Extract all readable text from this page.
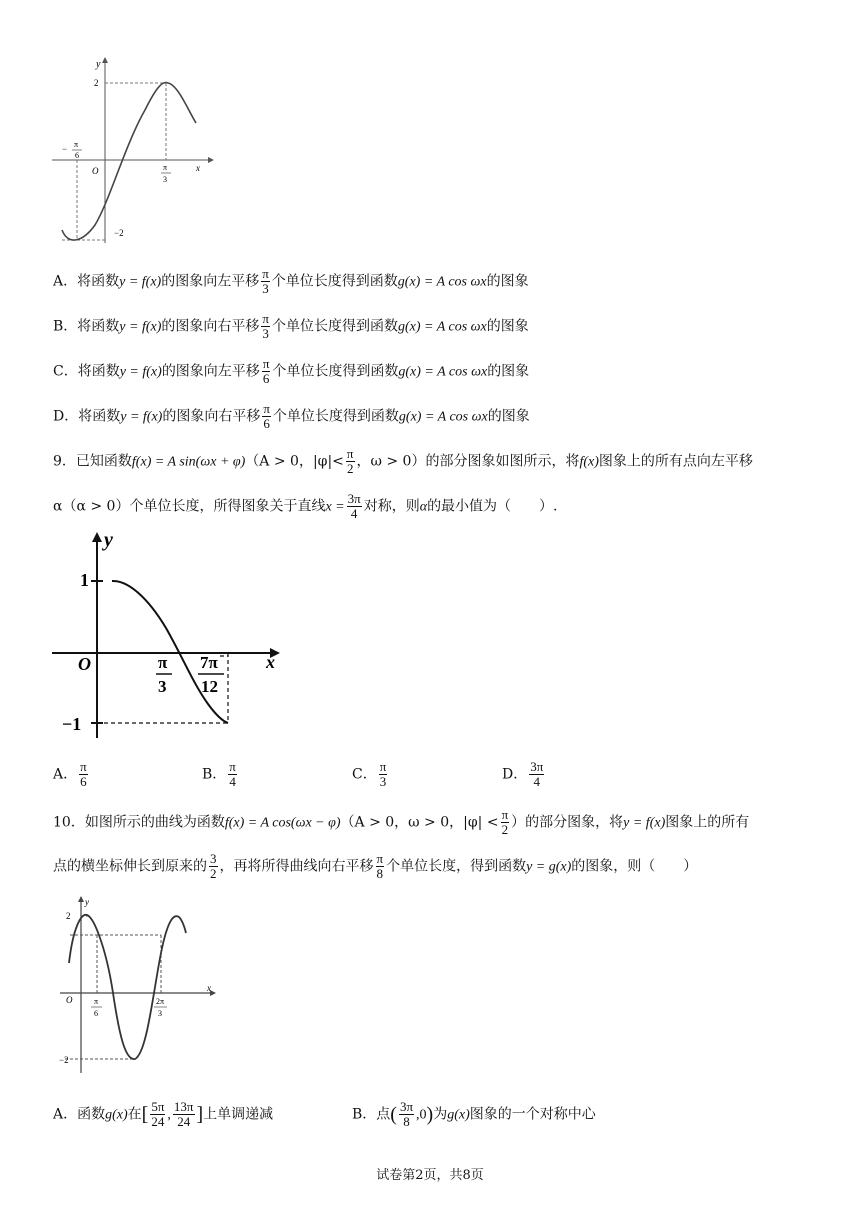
y
x
O
2
−2
− π
6
π
3
A．将函数y = f(x)的图象向左平移 $\frac{\pi}{3}$ 个单位长度得到函数g(x) = A cos ωx的图象
B．将函数y = f(x)的图象向右平移 $\frac{\pi}{3}$ 个单位长度得到函数g(x) = A cos ωx的图象
C．将函数y = f(x)的图象向左平移 $\frac{\pi}{6}$ 个单位长度得到函数g(x) = A cos ωx的图象
D．将函数y = f(x)的图象向右平移 $\frac{\pi}{6}$ 个单位长度得到函数g(x) = A cos ωx的图象
9．已知函数f(x) = A sin(ωx + φ)（A > 0，$|\varphi|< \frac{\pi}{2}$ ，ω > 0）的部分图象如图所示，将f(x)图象上的所有点向左平移
α（α > 0）个单位长度，所得图象关于直线$x = \frac{3\pi}{4}$ 对称，则α的最小值为（　　）.
y
x
O
1
−1
π
3
7π
12
A． $\frac{\pi}{6}$	B． $\frac{\pi}{4}$	C． $\frac{\pi}{3}$	D． $\frac{3\pi}{4}$
10．如图所示的曲线为函数f(x) = A cos(ωx − φ)（A > 0，ω > 0，$|\varphi| < \frac{\pi}{2}$ ）的部分图象，将y = f(x)图象上的所有
点的横坐标伸长到原来的 $\frac{3}{2}$ ，再将所得曲线向右平移 $\frac{\pi}{8}$ 个单位长度，得到函数y = g(x)的图象，则（　　）
y
x
O
2
−2
π
6
2π
3
A．函数g(x)在[ $\frac{5\pi}{24}$ , $\frac{13\pi}{24}$ ]上单调递减	B．点( $\frac{3\pi}{8} ,0$)为g(x)图象的一个对称中心
试卷第2页，共8页
